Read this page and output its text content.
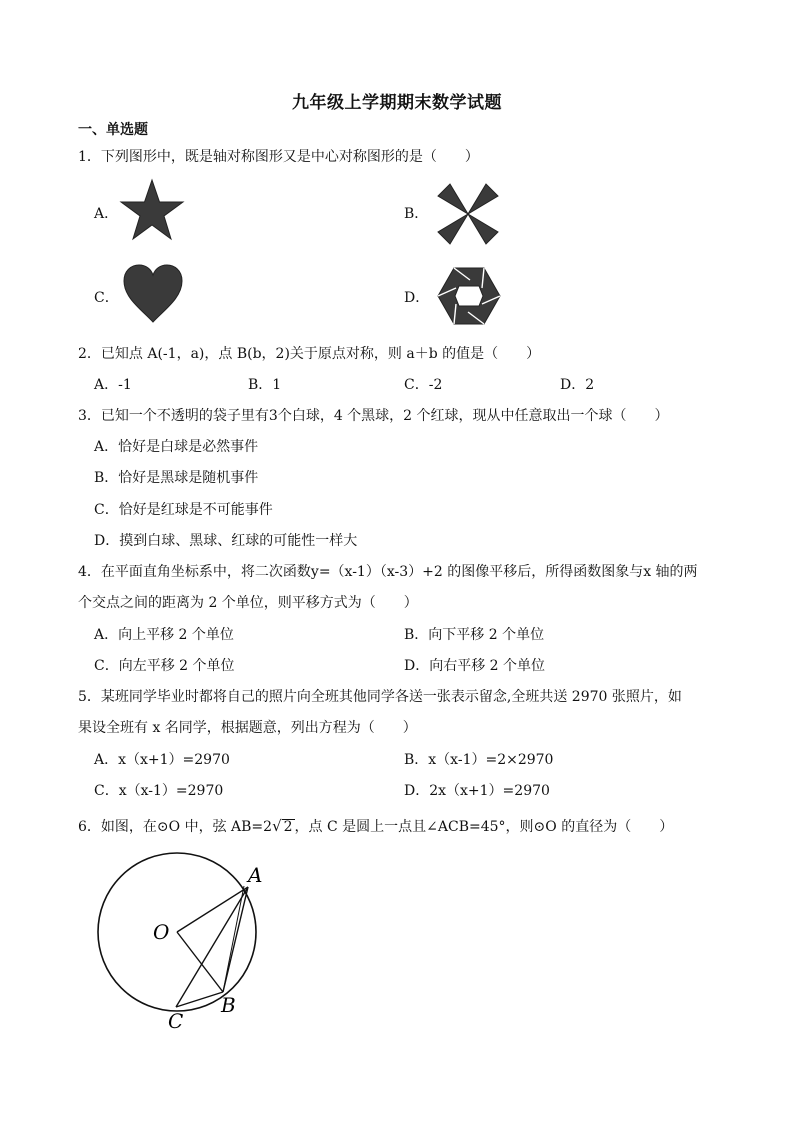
九年级上学期期末数学试题
一、单选题
1．下列图形中，既是轴对称图形又是中心对称图形的是（　　）
A．	B．
C．	D．
2．已知点 A(-1，a)，点 B(b，2)关于原点对称，则 a＋b 的值是（　　）
A．-1	B．1	C．-2	D．2
3．已知一个不透明的袋子里有3个白球，4 个黑球，2 个红球，现从中任意取出一个球（　　）
A．恰好是白球是必然事件
B．恰好是黑球是随机事件
C．恰好是红球是不可能事件
D．摸到白球、黑球、红球的可能性一样大
4．在平面直角坐标系中，将二次函数y=（x-1）（x-3）+2 的图像平移后，所得函数图象与x 轴的两
个交点之间的距离为 2 个单位，则平移方式为（　　）
A．向上平移 2 个单位	B．向下平移 2 个单位
C．向左平移 2 个单位	D．向右平移 2 个单位
5．某班同学毕业时都将自己的照片向全班其他同学各送一张表示留念,全班共送 2970 张照片，如
果设全班有 x 名同学，根据题意，列出方程为（　　）
A．x（x+1）=2970	B．x（x-1）=2×2970
C．x（x-1）=2970	D．2x（x+1）=2970
6．如图，在⊙O 中，弦 AB=2√ 2 ，点 C 是圆上一点且∠ACB=45°，则⊙O 的直径为（　　）
A
O
B
C
